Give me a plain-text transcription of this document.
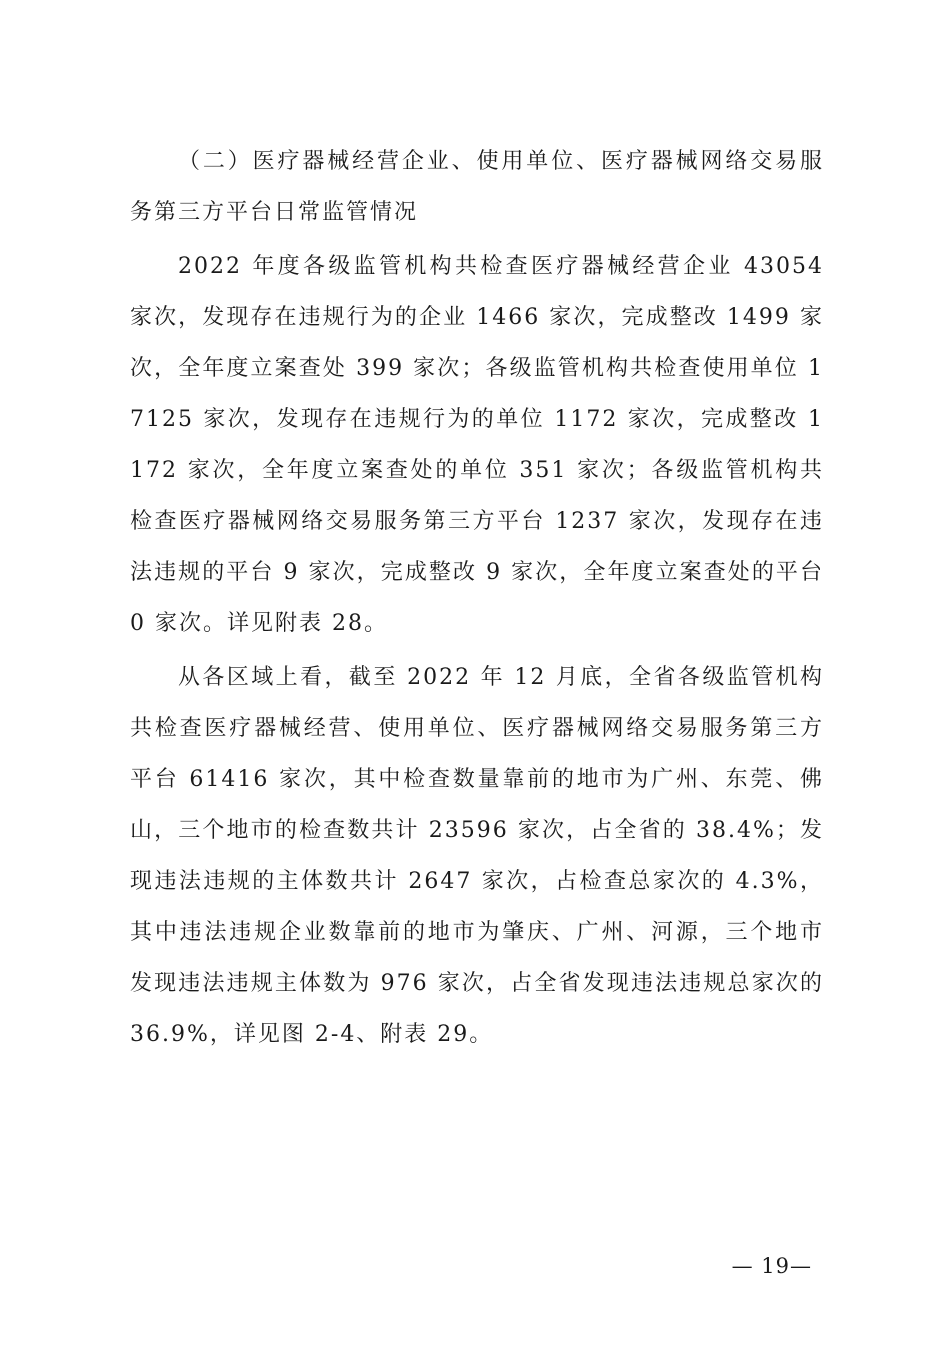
（二）医疗器械经营企业、使用单位、医疗器械网络交易服务第三方平台日常监管情况

2022 年度各级监管机构共检查医疗器械经营企业 43054 家次，发现存在违规行为的企业 1466 家次，完成整改 1499 家次，全年度立案查处 399 家次；各级监管机构共检查使用单位 17125 家次，发现存在违规行为的单位 1172 家次，完成整改 1172 家次，全年度立案查处的单位 351 家次；各级监管机构共检查医疗器械网络交易服务第三方平台 1237 家次，发现存在违法违规的平台 9 家次，完成整改 9 家次，全年度立案查处的平台 0 家次。详见附表 28。

从各区域上看，截至 2022 年 12 月底，全省各级监管机构共检查医疗器械经营、使用单位、医疗器械网络交易服务第三方平台 61416 家次，其中检查数量靠前的地市为广州、东莞、佛山，三个地市的检查数共计 23596 家次，占全省的 38.4%；发现违法违规的主体数共计 2647 家次，占检查总家次的 4.3%，其中违法违规企业数靠前的地市为肇庆、广州、河源，三个地市发现违法违规主体数为 976 家次，占全省发现违法违规总家次的 36.9%，详见图 2-4、附表 29。

— 19—
